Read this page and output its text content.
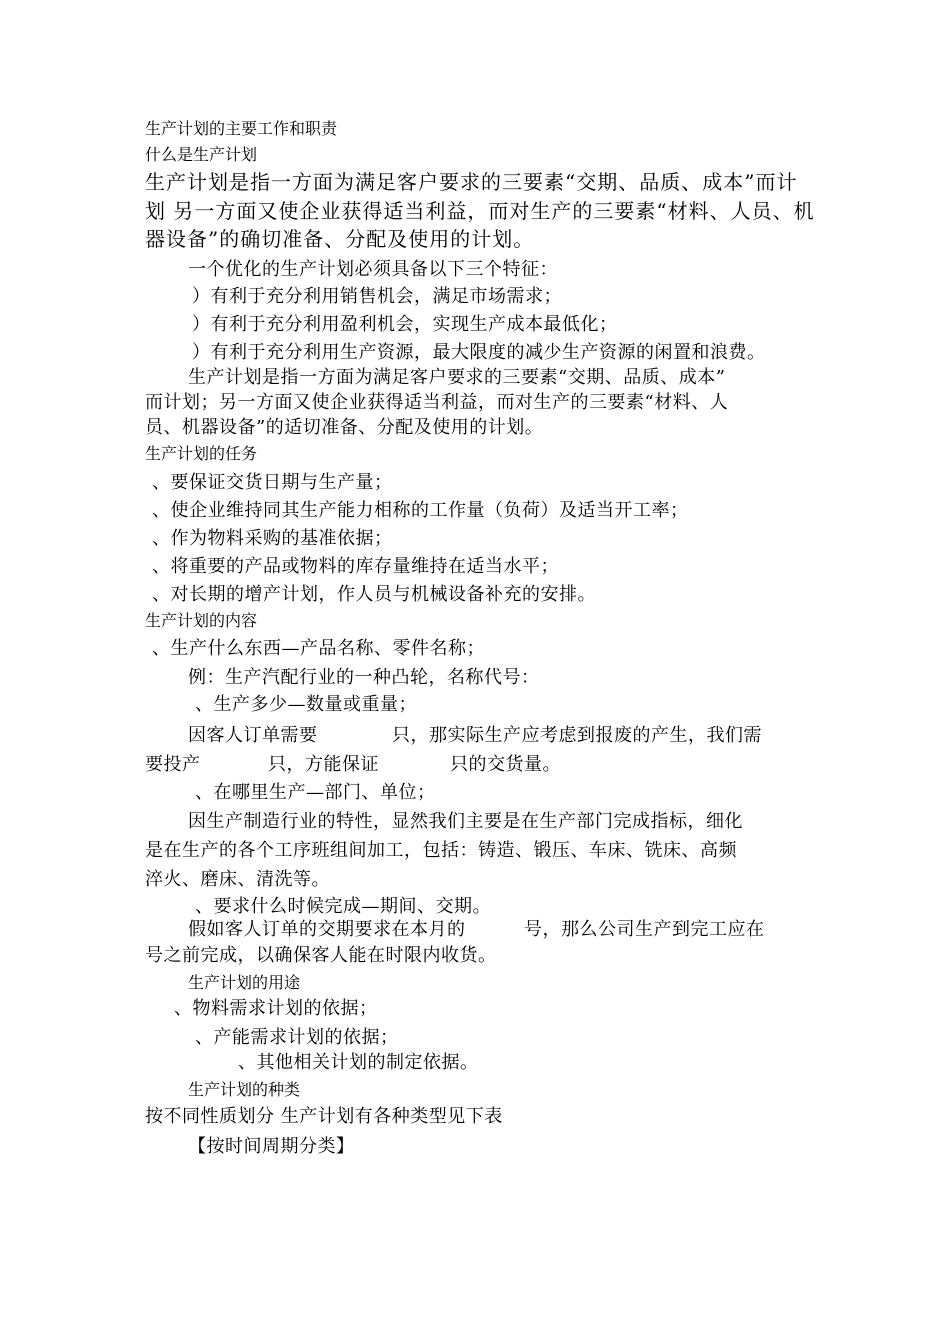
生产计划的主要工作和职责
什么是生产计划
生产计划是指一方面为满足客户要求的三要素“交期、品质、成本”而计
划 另一方面又使企业获得适当利益，而对生产的三要素“材料、人员、机
器设备”的确切准备、分配及使用的计划。
一个优化的生产计划必须具备以下三个特征：
）有利于充分利用销售机会，满足市场需求；
）有利于充分利用盈利机会，实现生产成本最低化；
）有利于充分利用生产资源，最大限度的减少生产资源的闲置和浪费。
生产计划是指一方面为满足客户要求的三要素“交期、品质、成本”
而计划；另一方面又使企业获得适当利益，而对生产的三要素“材料、人
员、机器设备”的适切准备、分配及使用的计划。
生产计划的任务
、要保证交货日期与生产量；
、使企业维持同其生产能力相称的工作量（负荷）及适当开工率；
、作为物料采购的基准依据；
、将重要的产品或物料的库存量维持在适当水平；
、对长期的增产计划，作人员与机械设备补充的安排。
生产计划的内容
、生产什么东西—产品名称、零件名称；
例：生产汽配行业的一种凸轮，名称代号：
、生产多少—数量或重量；
因客人订单需要	只，那实际生产应考虑到报废的产生，我们需
要投产	只，方能保证	只的交货量。
、在哪里生产—部门、单位；
因生产制造行业的特性，显然我们主要是在生产部门完成指标，细化
是在生产的各个工序班组间加工，包括：铸造、锻压、车床、铣床、高频
淬火、磨床、清洗等。
、要求什么时候完成—期间、交期。
假如客人订单的交期要求在本月的	号，那么公司生产到完工应在
号之前完成，以确保客人能在时限内收货。
生产计划的用途
、物料需求计划的依据；
、产能需求计划的依据；
、其他相关计划的制定依据。
生产计划的种类
按不同性质划分 生产计划有各种类型见下表
【按时间周期分类】
